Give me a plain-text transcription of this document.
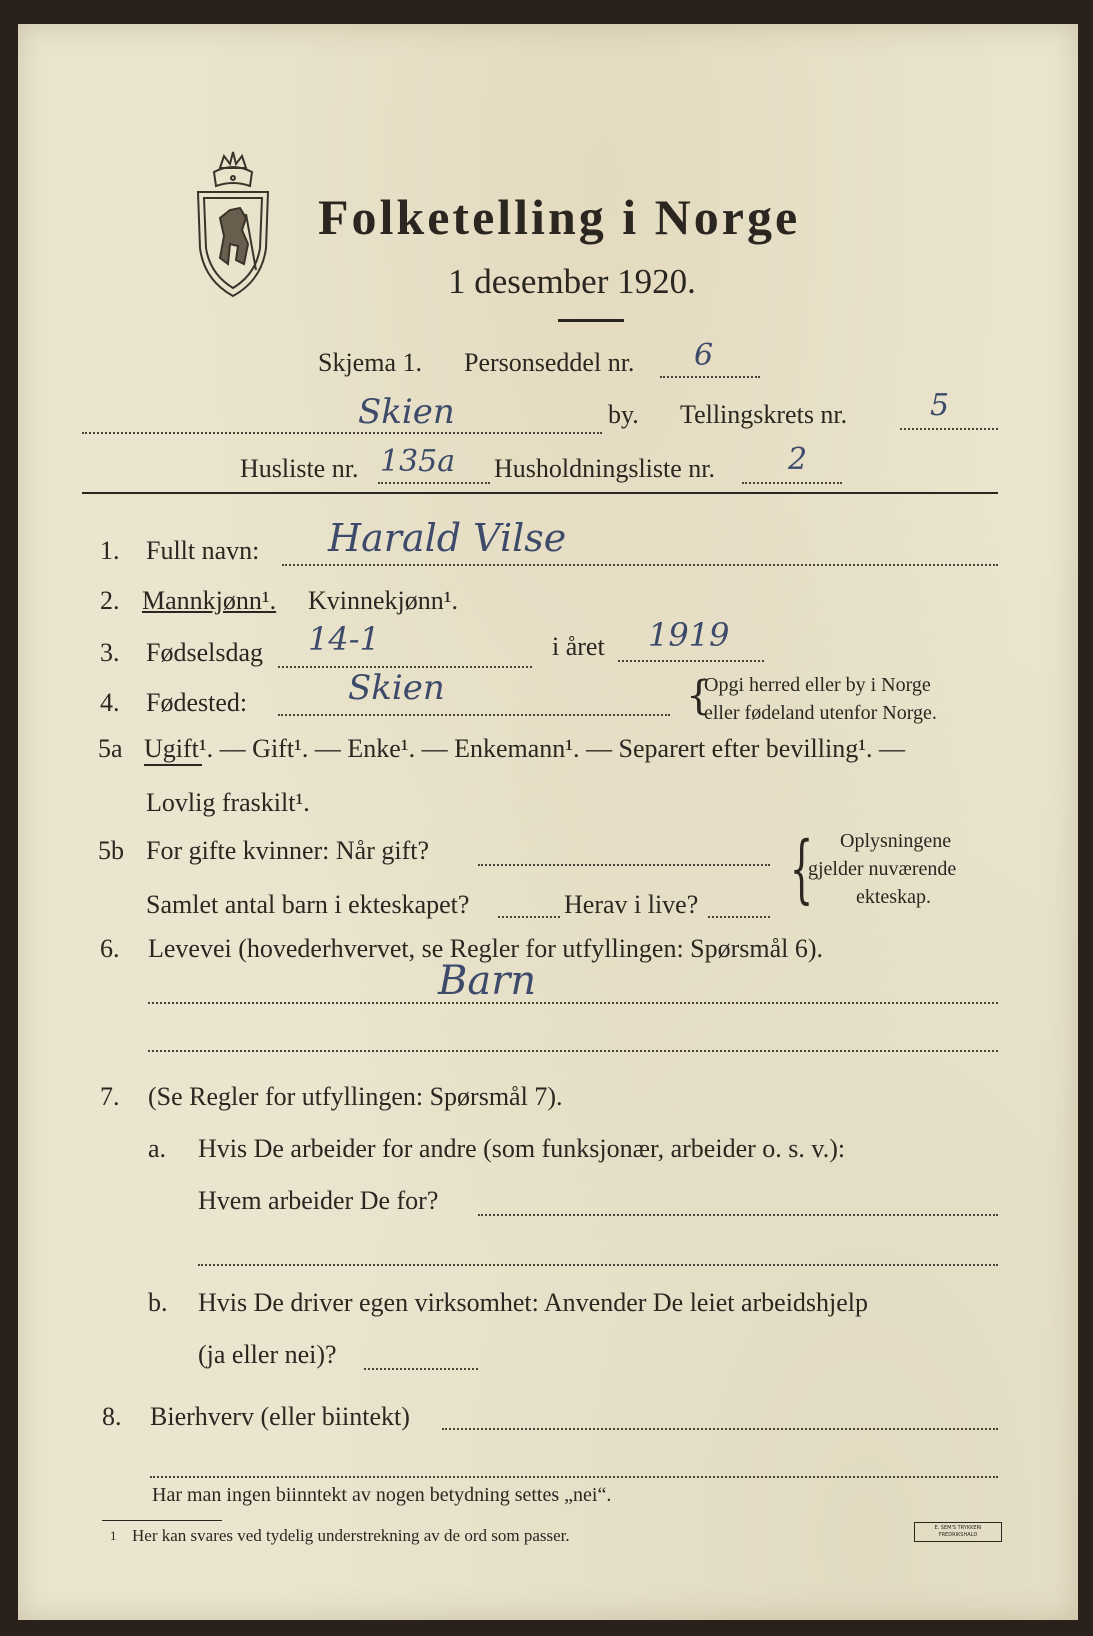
Folketelling i Norge
1 desember 1920.
Skjema 1. Personseddel nr. 6
Skien	by. Tellingskrets nr.	5
Husliste nr. 135a Husholdningsliste nr. 2
1. Fullt navn: Harald Vilse
2. Mannkjønn¹. Kvinnekjønn¹.
3. Fødselsdag 14-1	i året 1919
4. Fødested:	Skien	{
Opgi herred eller by i Norge
eller fødeland utenfor Norge.
5a Ugift¹. — Gift¹. — Enke¹. — Enkemann¹. — Separert efter bevilling¹. —
Lovlig fraskilt¹.
5b For gifte kvinner: Når gift?
Samlet antal barn i ekteskapet?	Herav i live? { Oplysningene
gjelder nuværende
ekteskap.
6. Levevei (hovederhvervet, se Regler for utfyllingen: Spørsmål 6).
Barn
7. (Se Regler for utfyllingen: Spørsmål 7).
a. Hvis De arbeider for andre (som funksjonær, arbeider o. s. v.):
Hvem arbeider De for?
b. Hvis De driver egen virksomhet: Anvender De leiet arbeidshjelp
(ja eller nei)?
8. Bierhverv (eller biintekt)
Har man ingen biinntekt av nogen betydning settes „nei“.
1 Her kan svares ved tydelig understrekning av de ord som passer.	E. SEM'S TRYKKERI FREDRIKSHALD
